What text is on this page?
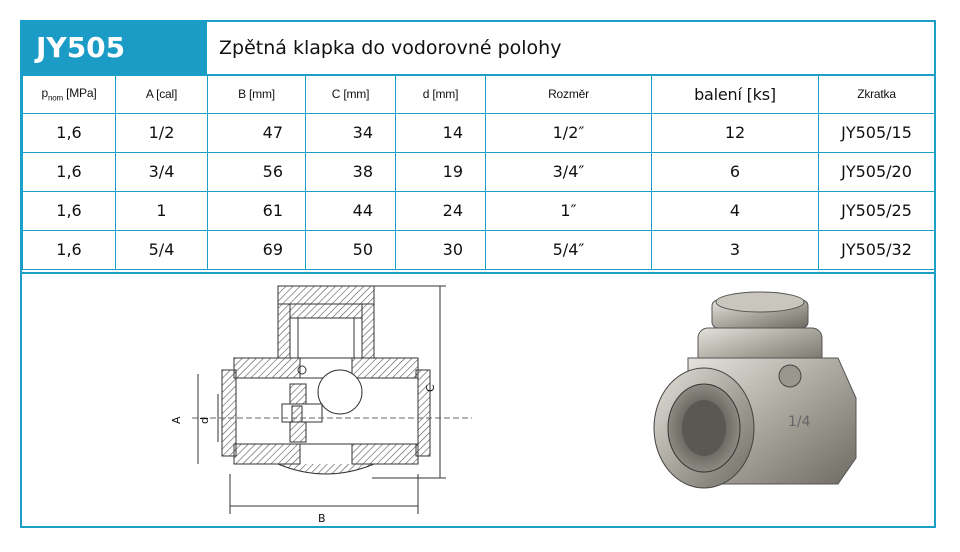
JY505	Zpětná klapka do vodorovné polohy
$p_{nom}$ [MPa]	A [cal]	B [mm]	C [mm]	d [mm]	Rozměr	balení [ks]	Zkratka
1,6	1/2	47	34	14	1/2″	12	JY505/15
1,6	3/4	56	38	19	3/4″	6	JY505/20
1,6	1	61	44	24	1″	4	JY505/25
1,6	5/4	69	50	30	5/4″	3	JY505/32
A d
C
B
1/4
